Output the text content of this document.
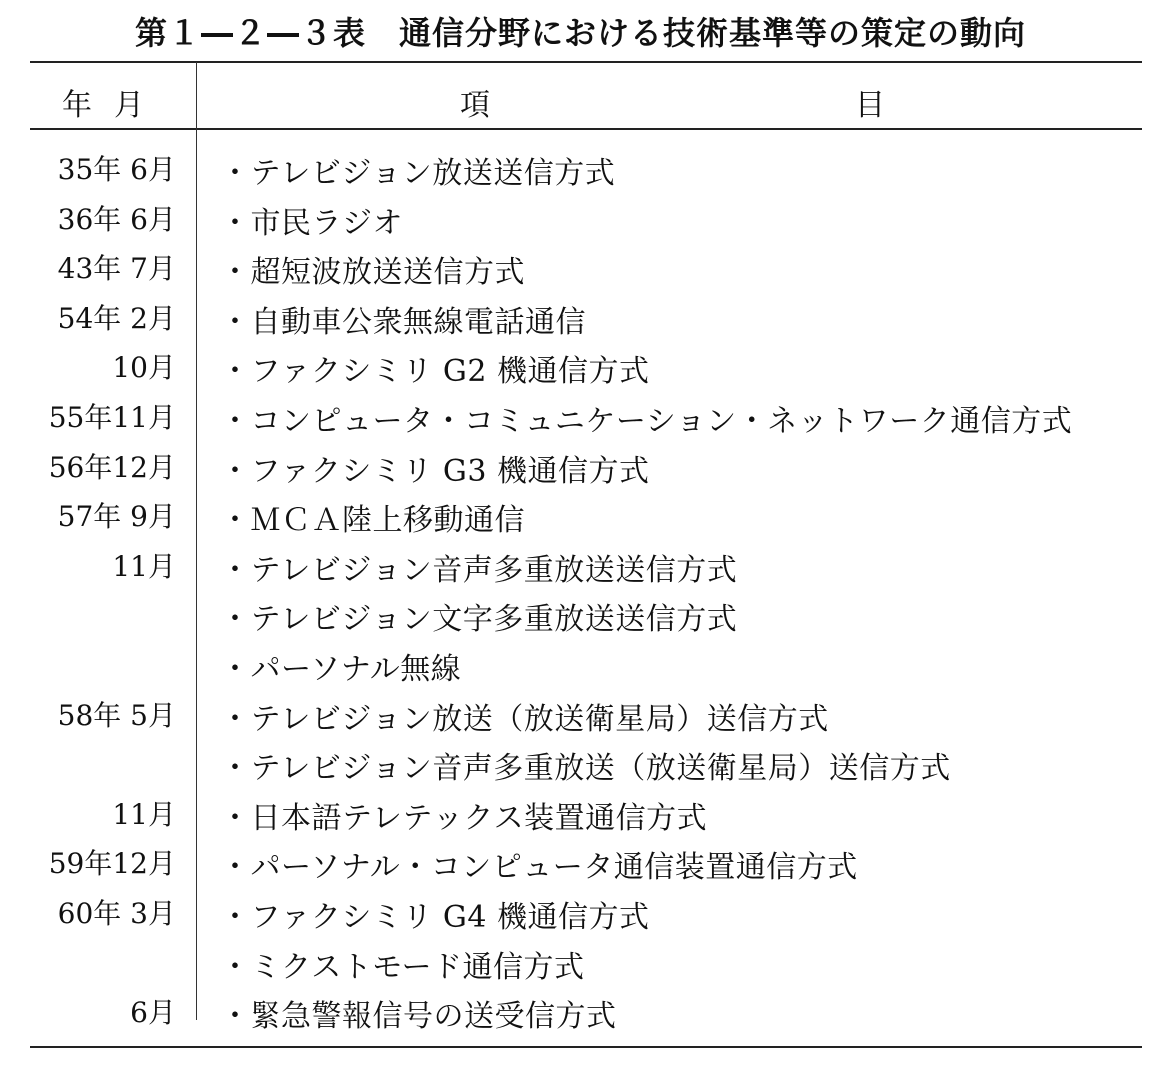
第１―２―３表　通信分野における技術基準等の策定の動向
年月	項	目
35年 6月 ・テレビジョン放送送信方式
36年 6月 ・市民ラジオ
43年 7月 ・超短波放送送信方式
54年 2月 ・自動車公衆無線電話通信
10月 ・ファクシミリ G2 機通信方式
55年11月 ・コンピュータ・コミュニケーション・ネットワーク通信方式
56年12月 ・ファクシミリ G3 機通信方式
57年 9月 ・ＭＣＡ陸上移動通信
11月 ・テレビジョン音声多重放送送信方式
・テレビジョン文字多重放送送信方式
・パーソナル無線
58年 5月 ・テレビジョン放送（放送衛星局）送信方式
・テレビジョン音声多重放送（放送衛星局）送信方式
11月 ・日本語テレテックス装置通信方式
59年12月 ・パーソナル・コンピュータ通信装置通信方式
60年 3月 ・ファクシミリ G4 機通信方式
・ミクストモード通信方式
6月 ・緊急警報信号の送受信方式
